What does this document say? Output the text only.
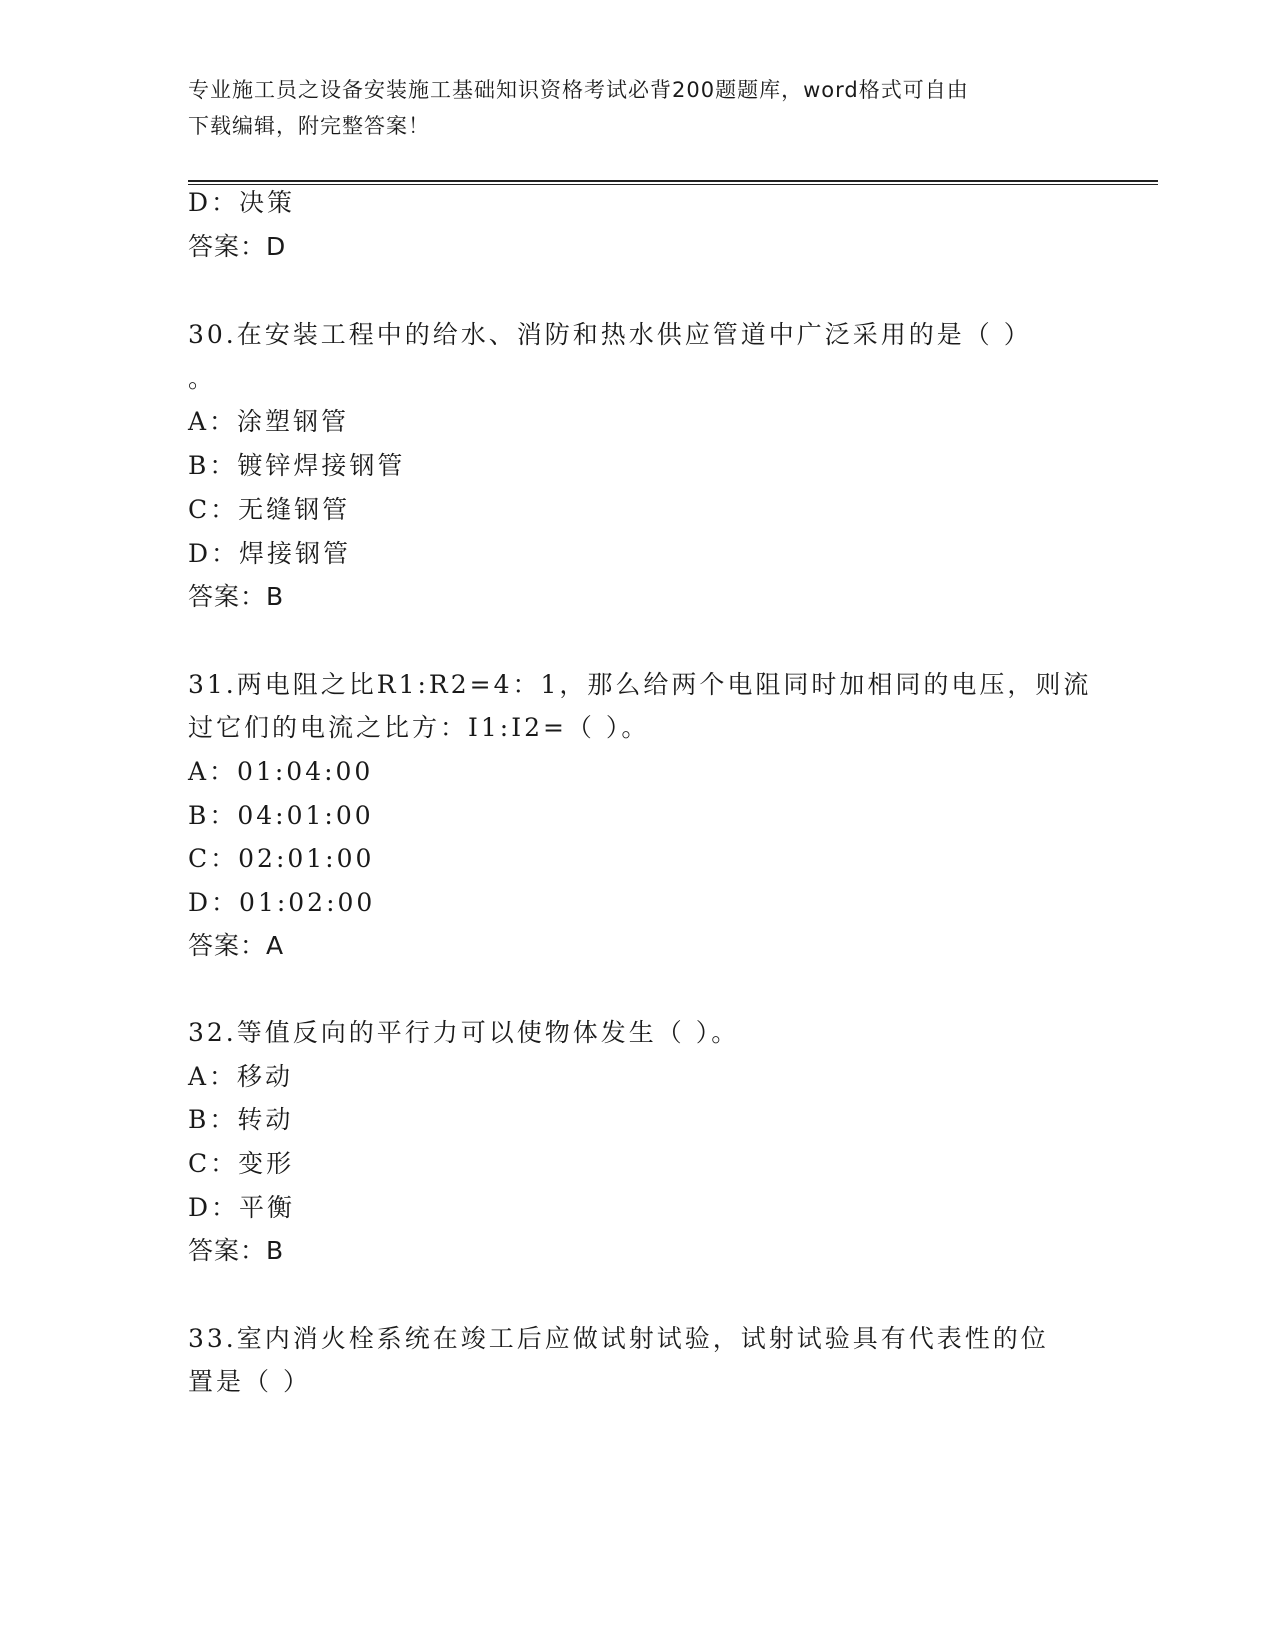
专业施工员之设备安装施工基础知识资格考试必背200题题库，word格式可自由
下载编辑，附完整答案！
D：决策
答案：D
30.在安装工程中的给水、消防和热水供应管道中广泛采用的是（ ）
。
A：涂塑钢管
B：镀锌焊接钢管
C：无缝钢管
D：焊接钢管
答案：B
31.两电阻之比R1:R2=4：1，那么给两个电阻同时加相同的电压，则流
过它们的电流之比方：I1:I2=（ ）。
A：01:04:00
B：04:01:00
C：02:01:00
D：01:02:00
答案：A
32.等值反向的平行力可以使物体发生（ ）。
A：移动
B：转动
C：变形
D：平衡
答案：B
33.室内消火栓系统在竣工后应做试射试验，试射试验具有代表性的位
置是（ ）
